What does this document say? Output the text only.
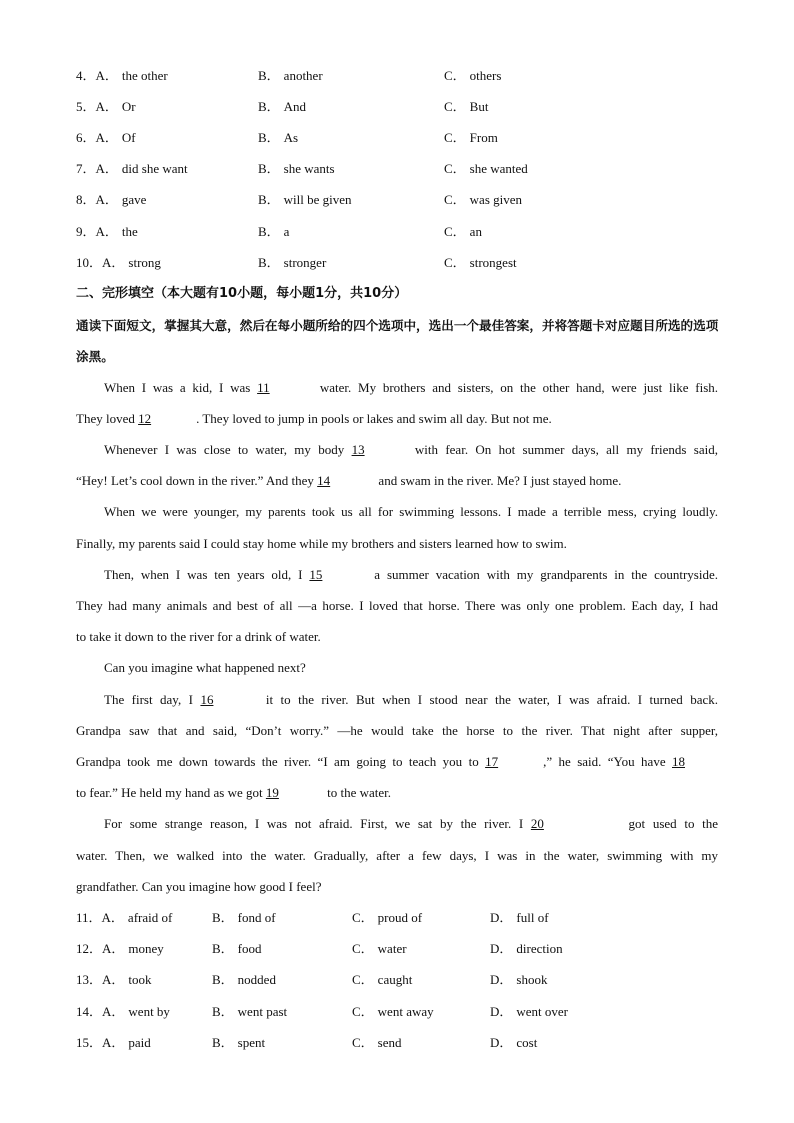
4．A． the other	B． another	C． others
5．A． Or	B． And	C． But
6．A． Of	B． As	C． From
7．A． did she want	B． she wants	C． she wanted
8．A． gave	B． will be given	C． was given
9．A． the	B． a	C． an
10．A． strong	B． stronger	C． strongest
二、完形填空（本大题有10小题，每小题1分，共10分）
通读下面短文，掌握其大意，然后在每小题所给的四个选项中，选出一个最佳答案，并将答题卡对应题目所选的选项涂黑。
When I was a kid, I was 11	water. My brothers and sisters, on the other hand, were just like fish.
They loved 12	. They loved to jump in pools or lakes and swim all day. But not me.
Whenever I was close to water, my body 13	with fear. On hot summer days, all my friends said,
“Hey! Let’s cool down in the river.” And they 14	and swam in the river. Me? I just stayed home.
When we were younger, my parents took us all for swimming lessons. I made a terrible mess, crying loudly.
Finally, my parents said I could stay home while my brothers and sisters learned how to swim.
Then, when I was ten years old, I 15	a summer vacation with my grandparents in the countryside.
They had many animals and best of all —a horse. I loved that horse. There was only one problem. Each day, I had
to take it down to the river for a drink of water.
Can you imagine what happened next?
The first day, I 16	it to the river. But when I stood near the water, I was afraid. I turned back.
Grandpa saw that and said, “Don’t worry.” —he would take the horse to the river. That night after supper,
Grandpa took me down towards the river. “I am going to teach you to 17	,” he said. “You have 18
to fear.” He held my hand as we got 19	to the water.
For some strange reason, I was not afraid. First, we sat by the river. I 20	got used to the
water. Then, we walked into the water. Gradually, after a few days, I was in the water, swimming with my
grandfather. Can you imagine how good I feel?
11．A． afraid of	B． fond of	C． proud of	D． full of
12．A． money	B． food	C． water	D． direction
13．A． took	B． nodded	C． caught	D． shook
14．A． went by	B． went past	C． went away	D． went over
15．A． paid	B． spent	C． send	D． cost
